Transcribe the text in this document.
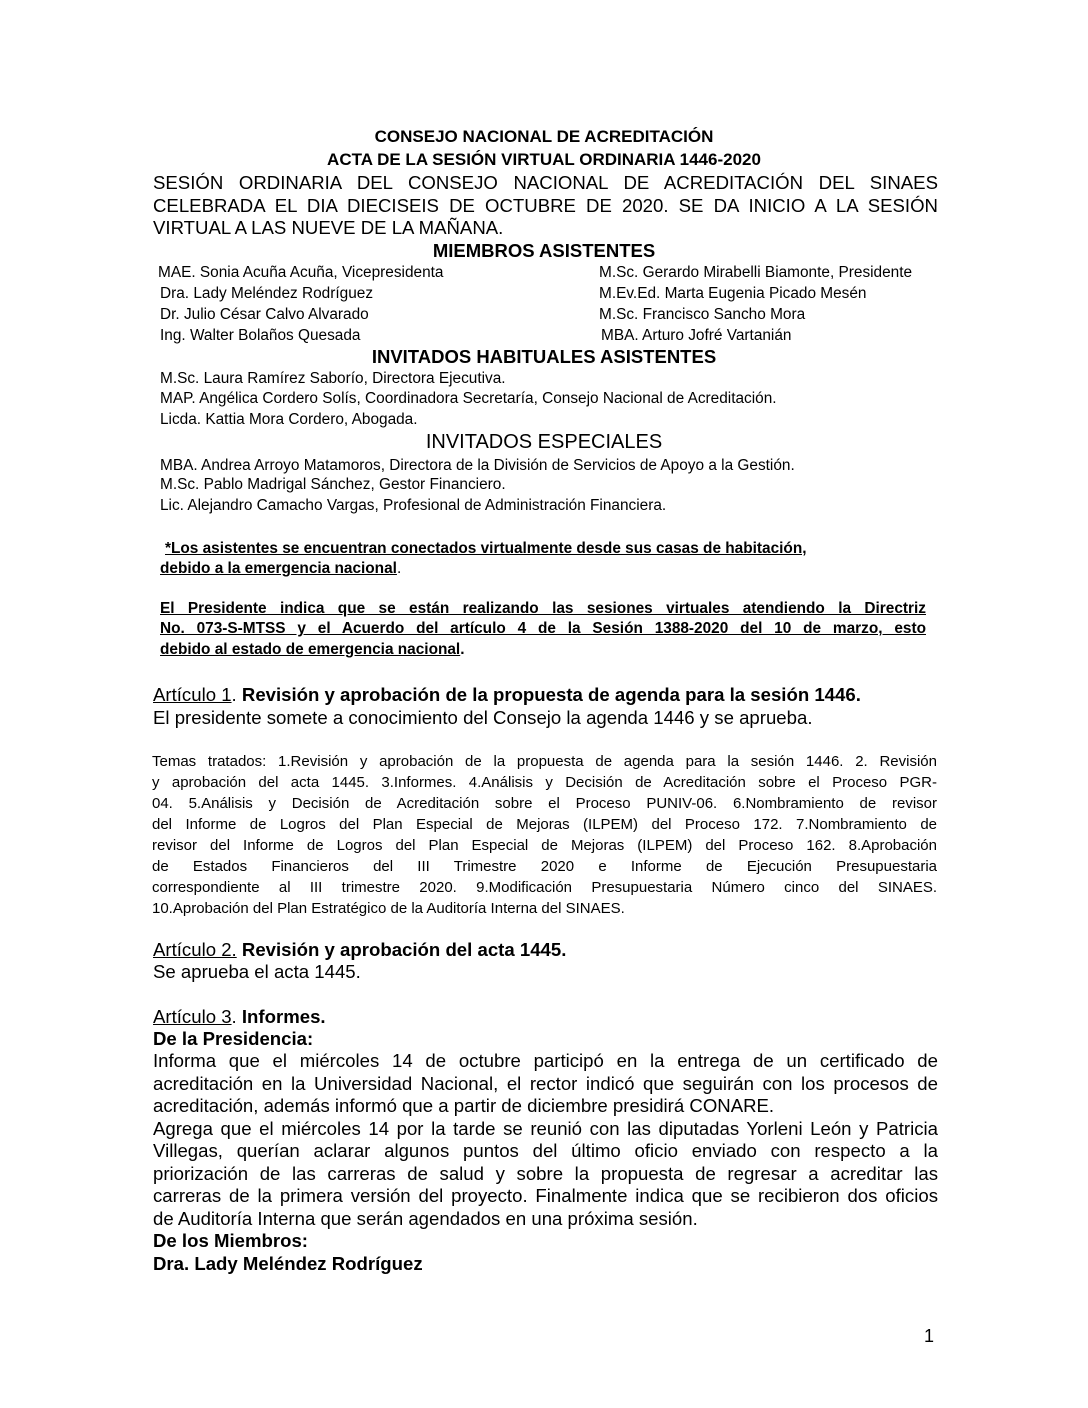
CONSEJO NACIONAL DE ACREDITACIÓN
ACTA DE LA SESIÓN VIRTUAL ORDINARIA 1446-2020
SESIÓN ORDINARIA DEL CONSEJO NACIONAL DE ACREDITACIÓN DEL SINAES
CELEBRADA EL DIA DIECISEIS DE OCTUBRE DE 2020. SE DA INICIO A LA SESIÓN
VIRTUAL A LAS NUEVE DE LA MAÑANA.
MIEMBROS ASISTENTES
MAE. Sonia Acuña Acuña, Vicepresidenta
Dra. Lady Meléndez Rodríguez
Dr. Julio César Calvo Alvarado
Ing. Walter Bolaños Quesada
M.Sc. Gerardo Mirabelli Biamonte, Presidente
M.Ev.Ed. Marta Eugenia Picado Mesén
M.Sc. Francisco Sancho Mora
MBA. Arturo Jofré Vartanián
INVITADOS HABITUALES ASISTENTES
M.Sc. Laura Ramírez Saborío, Directora Ejecutiva.
MAP. Angélica Cordero Solís, Coordinadora Secretaría, Consejo Nacional de Acreditación.
Licda. Kattia Mora Cordero, Abogada.
INVITADOS ESPECIALES
MBA. Andrea Arroyo Matamoros, Directora de la División de Servicios de Apoyo a la Gestión.
M.Sc. Pablo Madrigal Sánchez, Gestor Financiero.
Lic. Alejandro Camacho Vargas, Profesional de Administración Financiera.
*Los asistentes se encuentran conectados virtualmente desde sus casas de habitación,
debido a la emergencia nacional.
El Presidente indica que se están realizando las sesiones virtuales atendiendo la Directriz
No. 073-S-MTSS y el Acuerdo del artículo 4 de la Sesión 1388-2020 del 10 de marzo, esto
debido al estado de emergencia nacional.
Artículo 1. Revisión y aprobación de la propuesta de agenda para la sesión 1446.
El presidente somete a conocimiento del Consejo la agenda 1446 y se aprueba.
Temas tratados: 1.Revisión y aprobación de la propuesta de agenda para la sesión 1446. 2. Revisión
y aprobación del acta 1445. 3.Informes. 4.Análisis y Decisión de Acreditación sobre el Proceso PGR-
04. 5.Análisis y Decisión de Acreditación sobre el Proceso PUNIV-06. 6.Nombramiento de revisor
del Informe de Logros del Plan Especial de Mejoras (ILPEM) del Proceso 172. 7.Nombramiento de
revisor del Informe de Logros del Plan Especial de Mejoras (ILPEM) del Proceso 162. 8.Aprobación
de Estados Financieros del III Trimestre 2020 e Informe de Ejecución Presupuestaria
correspondiente al III trimestre 2020. 9.Modificación Presupuestaria Número cinco del SINAES.
10.Aprobación del Plan Estratégico de la Auditoría Interna del SINAES.
Artículo 2. Revisión y aprobación del acta 1445.
Se aprueba el acta 1445.
Artículo 3. Informes.
De la Presidencia:
Informa que el miércoles 14 de octubre participó en la entrega de un certificado de
acreditación en la Universidad Nacional, el rector indicó que seguirán con los procesos de
acreditación, además informó que a partir de diciembre presidirá CONARE.
Agrega que el miércoles 14 por la tarde se reunió con las diputadas Yorleni León y Patricia
Villegas, querían aclarar algunos puntos del último oficio enviado con respecto a la
priorización de las carreras de salud y sobre la propuesta de regresar a acreditar las
carreras de la primera versión del proyecto. Finalmente indica que se recibieron dos oficios
de Auditoría Interna que serán agendados en una próxima sesión.
De los Miembros:
Dra. Lady Meléndez Rodríguez
1
